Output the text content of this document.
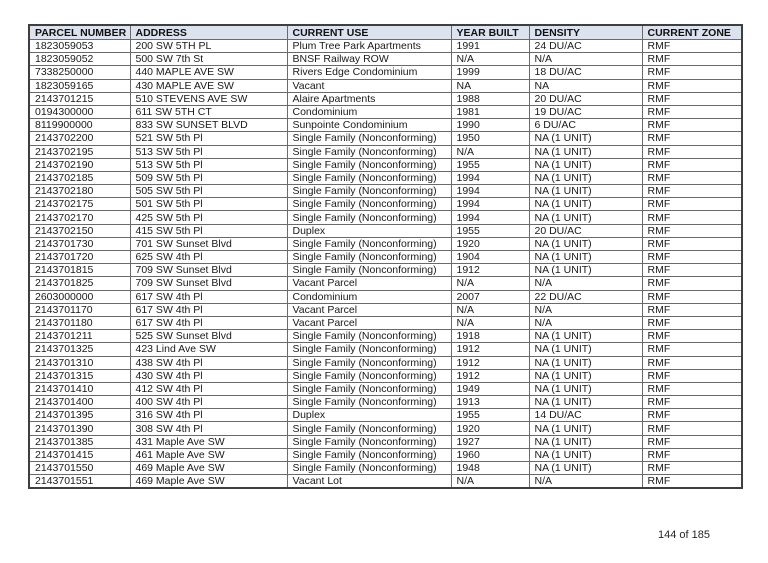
PARCEL NUMBER	ADDRESS	CURRENT USE	YEAR BUILT	DENSITY	CURRENT ZONE
1823059053	200 SW 5TH PL	Plum Tree Park Apartments	1991	24 DU/AC	RMF
1823059052	500 SW 7th St	BNSF Railway ROW	N/A	N/A	RMF
7338250000	440 MAPLE AVE SW	Rivers Edge Condominium	1999	18 DU/AC	RMF
1823059165	430 MAPLE AVE SW	Vacant	NA	NA	RMF
2143701215	510 STEVENS AVE SW	Alaire Apartments	1988	20 DU/AC	RMF
0194300000	611 SW 5TH CT	Condominium	1981	19 DU/AC	RMF
8119900000	833 SW SUNSET BLVD	Sunpointe Condominium	1990	6 DU/AC	RMF
2143702200	521 SW 5th Pl	Single Family (Nonconforming)	1950	NA (1 UNIT)	RMF
2143702195	513 SW 5th Pl	Single Family (Nonconforming)	N/A	NA (1 UNIT)	RMF
2143702190	513 SW 5th Pl	Single Family (Nonconforming)	1955	NA (1 UNIT)	RMF
2143702185	509 SW 5th Pl	Single Family (Nonconforming)	1994	NA (1 UNIT)	RMF
2143702180	505 SW 5th Pl	Single Family (Nonconforming)	1994	NA (1 UNIT)	RMF
2143702175	501 SW 5th Pl	Single Family (Nonconforming)	1994	NA (1 UNIT)	RMF
2143702170	425 SW 5th Pl	Single Family (Nonconforming)	1994	NA (1 UNIT)	RMF
2143702150	415 SW 5th Pl	Duplex	1955	20 DU/AC	RMF
2143701730	701 SW Sunset Blvd	Single Family (Nonconforming)	1920	NA (1 UNIT)	RMF
2143701720	625 SW 4th Pl	Single Family (Nonconforming)	1904	NA (1 UNIT)	RMF
2143701815	709 SW Sunset Blvd	Single Family (Nonconforming)	1912	NA (1 UNIT)	RMF
2143701825	709 SW Sunset Blvd	Vacant Parcel	N/A	N/A	RMF
2603000000	617 SW 4th Pl	Condominium	2007	22 DU/AC	RMF
2143701170	617 SW 4th Pl	Vacant Parcel	N/A	N/A	RMF
2143701180	617 SW 4th Pl	Vacant Parcel	N/A	N/A	RMF
2143701211	525 SW Sunset Blvd	Single Family (Nonconforming)	1918	NA (1 UNIT)	RMF
2143701325	423 Lind Ave SW	Single Family (Nonconforming)	1912	NA (1 UNIT)	RMF
2143701310	438 SW 4th Pl	Single Family (Nonconforming)	1912	NA (1 UNIT)	RMF
2143701315	430 SW 4th Pl	Single Family (Nonconforming)	1912	NA (1 UNIT)	RMF
2143701410	412 SW 4th Pl	Single Family (Nonconforming)	1949	NA (1 UNIT)	RMF
2143701400	400 SW 4th Pl	Single Family (Nonconforming)	1913	NA (1 UNIT)	RMF
2143701395	316 SW 4th Pl	Duplex	1955	14 DU/AC	RMF
2143701390	308 SW 4th Pl	Single Family (Nonconforming)	1920	NA (1 UNIT)	RMF
2143701385	431 Maple Ave SW	Single Family (Nonconforming)	1927	NA (1 UNIT)	RMF
2143701415	461 Maple Ave SW	Single Family (Nonconforming)	1960	NA (1 UNIT)	RMF
2143701550	469 Maple Ave SW	Single Family (Nonconforming)	1948	NA (1 UNIT)	RMF
2143701551	469 Maple Ave SW	Vacant Lot	N/A	N/A	RMF
144 of 185
